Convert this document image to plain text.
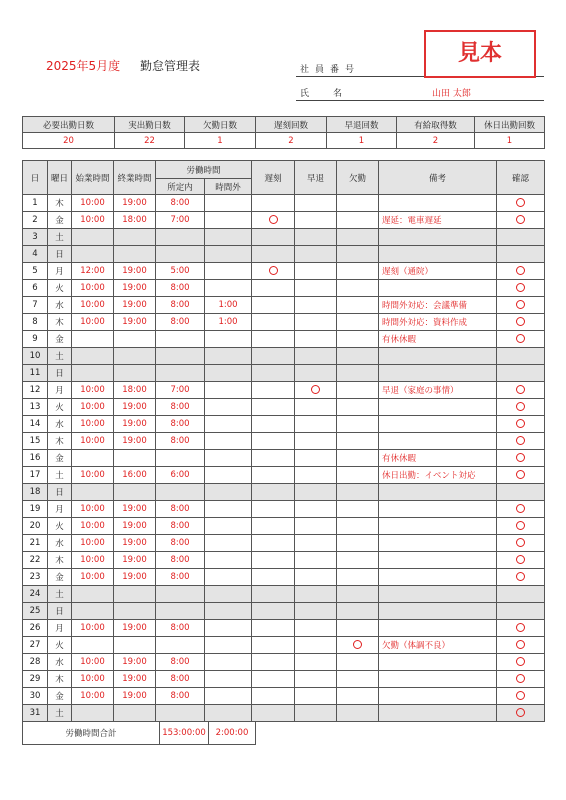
2025年5月度 勤怠管理表	社員番号
氏名	山田 太郎
見本
必要出勤日数	実出勤日数	欠勤日数	遅刻回数	早退回数	有給取得数	休日出勤回数
20	22	1	2	1	2	1
日	曜日	始業時間	終業時間	労働時間		遅刻	早退	欠勤	備考	確認
				所定内	時間外					
1	木	10:00	19:00	8:00						
2	金	10:00	18:00	7:00					遅延：電車遅延	
3	土									
4	日									
5	月	12:00	19:00	5:00					遅刻（通院）	
6	火	10:00	19:00	8:00						
7	水	10:00	19:00	8:00	1:00				時間外対応：会議準備	
8	木	10:00	19:00	8:00	1:00				時間外対応：資料作成	
9	金								有休休暇	
10	土									
11	日									
12	月	10:00	18:00	7:00					早退（家庭の事情）	
13	火	10:00	19:00	8:00						
14	水	10:00	19:00	8:00						
15	木	10:00	19:00	8:00						
16	金								有休休暇	
17	土	10:00	16:00	6:00					休日出勤：イベント対応	
18	日									
19	月	10:00	19:00	8:00						
20	火	10:00	19:00	8:00						
21	水	10:00	19:00	8:00						
22	木	10:00	19:00	8:00						
23	金	10:00	19:00	8:00						
24	土									
25	日									
26	月	10:00	19:00	8:00						
27	火								欠勤（体調不良）	
28	水	10:00	19:00	8:00						
29	木	10:00	19:00	8:00						
30	金	10:00	19:00	8:00						
31	土									
労働時間合計	153:00:00	2:00:00
